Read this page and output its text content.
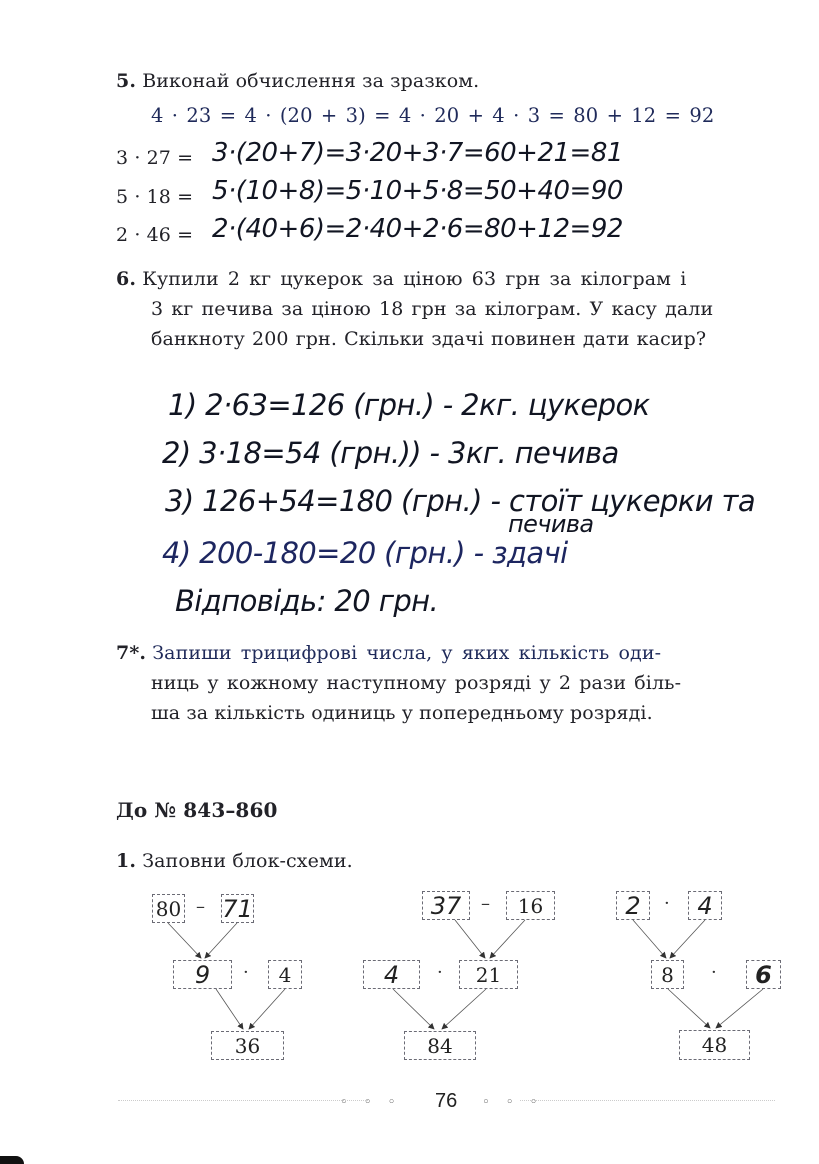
5. Виконай обчислення за зразком.
4 · 23 = 4 · (20 + 3) = 4 · 20 + 4 · 3 = 80 + 12 = 92
3 · 27 = 3·(20+7)=3·20+3·7=60+21=81
5 · 18 = 5·(10+8)=5·10+5·8=50+40=90
2 · 46 = 2·(40+6)=2·40+2·6=80+12=92
6. Купили 2 кг цукерок за ціною 63 грн за кілограм і
3 кг печива за ціною 18 грн за кілограм. У касу дали
банкноту 200 грн. Скільки здачі повинен дати касир?
1) 2·63=126 (грн.) - 2кг. цукерок
2) 3·18=54 (грн.)) - 3кг. печива
3) 126+54=180 (грн.) - стоїт цукерки та
печива
4) 200-180=20 (грн.) - здачі
Відповідь: 20 грн.
7*. Запиши трицифрові числа, у яких кількість оди-
ниць у кожному наступному розряді у 2 рази біль-
ша за кількість одиниць у попередньому розряді.
До № 843–860
1. Заповни блок-схеми.
80 – 71
9	·	4
36
37	–	16
4	·	21
84
2	·	4
8	·	6
48
◦ ◦ ◦ 76 ◦ ◦ ◦
